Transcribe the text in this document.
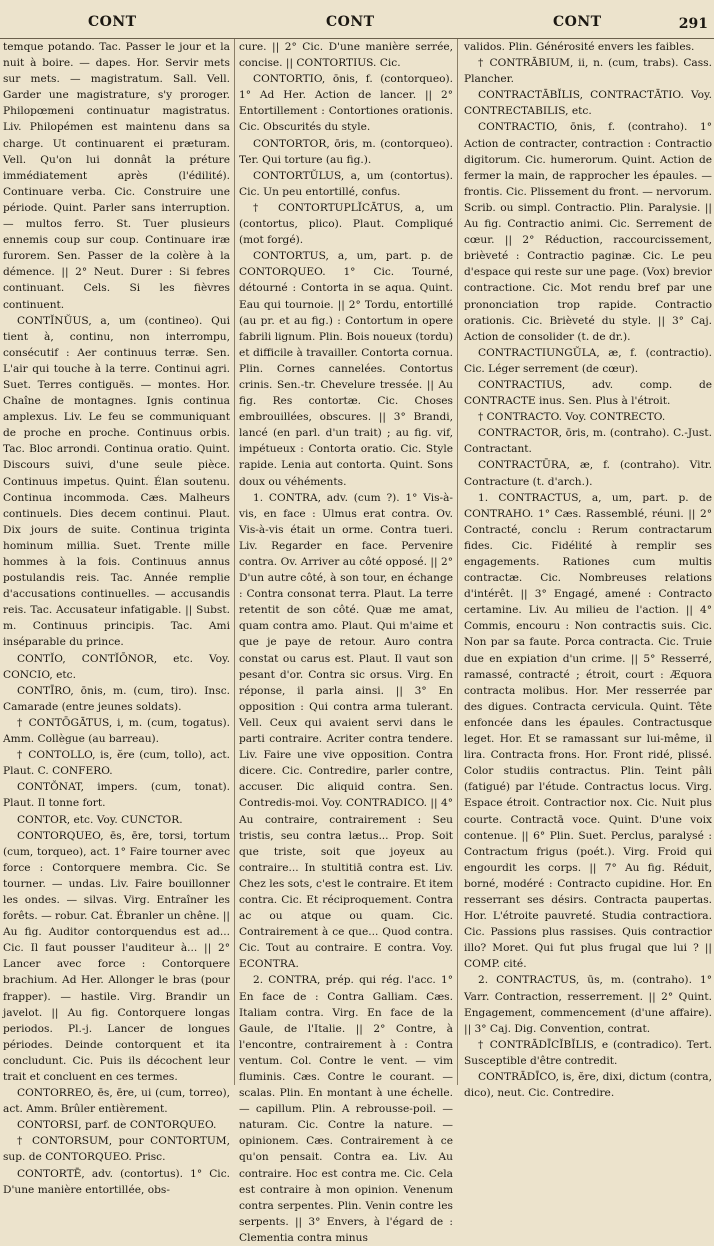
CONT	CONT	CONT	291

temque potando. Tac. Passer le jour et la nuit à boire. — dapes. Hor. Servir mets sur mets. — magistratum. Sall. Vell. Garder une magistrature, s'y proroger. Philopœmeni continuatur magistratus. Liv. Philopémen est maintenu dans sa charge. Ut continuarent ei præturam. Vell. Qu'on lui donnât la préture immédiatement après (l'édilité). Continuare verba. Cic. Construire une période. Quint. Parler sans interruption. — multos ferro. St. Tuer plusieurs ennemis coup sur coup. Continuare iræ furorem. Sen. Passer de la colère à la démence. || 2° Neut. Durer : Si febres continuant. Cels. Si les fièvres continuent.

CONTĬNŬUS, a, um (contineo). Qui tient à, continu, non interrompu, consécutif : Aer continuus terræ. Sen. L'air qui touche à la terre. Continui agri. Suet. Terres contiguës. — montes. Hor. Chaîne de montagnes. Ignis continua amplexus. Liv. Le feu se communiquant de proche en proche. Continuus orbis. Tac. Bloc arrondi. Continua oratio. Quint. Discours suivi, d'une seule pièce. Continuus impetus. Quint. Élan soutenu. Continua incommoda. Cæs. Malheurs continuels. Dies decem continui. Plaut. Dix jours de suite. Continua triginta hominum millia. Suet. Trente mille hommes à la fois. Continuus annus postulandis reis. Tac. Année remplie d'accusations continuelles. — accusandis reis. Tac. Accusateur infatigable. || Subst. m. Continuus principis. Tac. Ami inséparable du prince.

CONTĬO, CONTĬŌNOR, etc. Voy. CONCIO, etc.

CONTĪRO, ōnis, m. (cum, tiro). Insc. Camarade (entre jeunes soldats).

† CONTŌGĀTUS, i, m. (cum, togatus). Amm. Collègue (au barreau).

† CONTOLLO, is, ĕre (cum, tollo), act. Plaut. C. CONFERO.

CONTŎNAT, impers. (cum, tonat). Plaut. Il tonne fort.

CONTOR, etc. Voy. CUNCTOR.

CONTORQUEO, ēs, ēre, torsi, tortum (cum, torqueo), act. 1° Faire tourner avec force : Contorquere membra. Cic. Se tourner. — undas. Liv. Faire bouillonner les ondes. — silvas. Virg. Entraîner les forêts. — robur. Cat. Ébranler un chêne. || Au fig. Auditor contorquendus est ad... Cic. Il faut pousser l'auditeur à... || 2° Lancer avec force : Contorquere brachium. Ad Her. Allonger le bras (pour frapper). — hastile. Virg. Brandir un javelot. || Au fig. Contorquere longas periodos. Pl.-j. Lancer de longues périodes. Deinde contorquent et ita concludunt. Cic. Puis ils décochent leur trait et concluent en ces termes.

CONTORREO, ēs, ēre, ui (cum, torreo), act. Amm. Brûler entièrement.

CONTORSI, parf. de CONTORQUEO.

† CONTORSUM, pour CONTORTUM, sup. de CONTORQUEO. Prisc.

CONTORTĒ, adv. (contortus). 1° Cic. D'une manière entortillée, obs-

cure. || 2° Cic. D'une manière serrée, concise. || CONTORTIUS. Cic.

CONTORTIO, ōnis, f. (contorqueo). 1° Ad Her. Action de lancer. || 2° Entortillement : Contortiones orationis. Cic. Obscurités du style.

CONTORTOR, ōris, m. (contorqueo). Ter. Qui torture (au fig.).

CONTORTŬLUS, a, um (contortus). Cic. Un peu entortillé, confus.

† CONTORTUPLĬCĀTUS, a, um (contortus, plico). Plaut. Compliqué (mot forgé).

CONTORTUS, a, um, part. p. de CONTORQUEO. 1° Cic. Tourné, détourné : Contorta in se aqua. Quint. Eau qui tournoie. || 2° Tordu, entortillé (au pr. et au fig.) : Contortum in opere fabrili lignum. Plin. Bois noueux (tordu) et difficile à travailler. Contorta cornua. Plin. Cornes cannelées. Contortus crinis. Sen.-tr. Chevelure tressée. || Au fig. Res contortæ. Cic. Choses embrouillées, obscures. || 3° Brandi, lancé (en parl. d'un trait) ; au fig. vif, impétueux : Contorta oratio. Cic. Style rapide. Lenia aut contorta. Quint. Sons doux ou véhéments.

1. CONTRA, adv. (cum ?). 1° Vis-à-vis, en face : Ulmus erat contra. Ov. Vis-à-vis était un orme. Contra tueri. Liv. Regarder en face. Pervenire contra. Ov. Arriver au côté opposé. || 2° D'un autre côté, à son tour, en échange : Contra consonat terra. Plaut. La terre retentit de son côté. Quæ me amat, quam contra amo. Plaut. Qui m'aime et que je paye de retour. Auro contra constat ou carus est. Plaut. Il vaut son pesant d'or. Contra sic orsus. Virg. En réponse, il parla ainsi. || 3° En opposition : Qui contra arma tulerant. Vell. Ceux qui avaient servi dans le parti contraire. Acriter contra tendere. Liv. Faire une vive opposition. Contra dicere. Cic. Contredire, parler contre, accuser. Dic aliquid contra. Sen. Contredis-moi. Voy. CONTRADICO. || 4° Au contraire, contrairement : Seu tristis, seu contra lætus... Prop. Soit que triste, soit que joyeux au contraire... In stultitiā contra est. Liv. Chez les sots, c'est le contraire. Et item contra. Cic. Et réciproquement. Contra ac ou atque ou quam. Cic. Contrairement à ce que... Quod contra. Cic. Tout au contraire. E contra. Voy. ECONTRA.

2. CONTRA, prép. qui rég. l'acc. 1° En face de : Contra Galliam. Cæs. Italiam contra. Virg. En face de la Gaule, de l'Italie. || 2° Contre, à l'encontre, contrairement à : Contra ventum. Col. Contre le vent. — vim fluminis. Cæs. Contre le courant. — scalas. Plin. En montant à une échelle. — capillum. Plin. A rebrousse-poil. — naturam. Cic. Contre la nature. — opinionem. Cæs. Contrairement à ce qu'on pensait. Contra ea. Liv. Au contraire. Hoc est contra me. Cic. Cela est contraire à mon opinion. Venenum contra serpentes. Plin. Venin contre les serpents. || 3° Envers, à l'égard de : Clementia contra minus

validos. Plin. Générosité envers les faibles.

† CONTRĀBIUM, ii, n. (cum, trabs). Cass. Plancher.

CONTRACTĀBĬLIS, CONTRACTĀTIO. Voy. CONTRECTABILIS, etc.

CONTRACTIO, ōnis, f. (contraho). 1° Action de contracter, contraction : Contractio digitorum. Cic. humerorum. Quint. Action de fermer la main, de rapprocher les épaules. — frontis. Cic. Plissement du front. — nervorum. Scrib. ou simpl. Contractio. Plin. Paralysie. || Au fig. Contractio animi. Cic. Serrement de cœur. || 2° Réduction, raccourcissement, brièveté : Contractio paginæ. Cic. Le peu d'espace qui reste sur une page. (Vox) brevior contractione. Cic. Mot rendu bref par une prononciation trop rapide. Contractio orationis. Cic. Brièveté du style. || 3° Caj. Action de consolider (t. de dr.).

CONTRACTIUNGŬLA, æ, f. (contractio). Cic. Léger serrement (de cœur).

CONTRACTIUS, adv. comp. de CONTRACTE inus. Sen. Plus à l'étroit.

† CONTRACTO. Voy. CONTRECTO.

CONTRACTOR, ōris, m. (contraho). C.-Just. Contractant.

CONTRACTŪRA, æ, f. (contraho). Vitr. Contracture (t. d'arch.).

1. CONTRACTUS, a, um, part. p. de CONTRAHO. 1° Cæs. Rassemblé, réuni. || 2° Contracté, conclu : Rerum contractarum fides. Cic. Fidélité à remplir ses engagements. Rationes cum multis contractæ. Cic. Nombreuses relations d'intérêt. || 3° Engagé, amené : Contracto certamine. Liv. Au milieu de l'action. || 4° Commis, encouru : Non contractis suis. Cic. Non par sa faute. Porca contracta. Cic. Truie due en expiation d'un crime. || 5° Resserré, ramassé, contracté ; étroit, court : Æquora contracta molibus. Hor. Mer resserrée par des digues. Contracta cervicula. Quint. Tête enfoncée dans les épaules. Contractusque leget. Hor. Et se ramassant sur lui-même, il lira. Contracta frons. Hor. Front ridé, plissé. Color studiis contractus. Plin. Teint pâli (fatigué) par l'étude. Contractus locus. Virg. Espace étroit. Contractior nox. Cic. Nuit plus courte. Contractā voce. Quint. D'une voix contenue. || 6° Plin. Suet. Perclus, paralysé : Contractum frigus (poét.). Virg. Froid qui engourdit les corps. || 7° Au fig. Réduit, borné, modéré : Contracto cupidine. Hor. En resserrant ses désirs. Contracta paupertas. Hor. L'étroite pauvreté. Studia contractiora. Cic. Passions plus rassises. Quis contractior illo? Moret. Qui fut plus frugal que lui ? || COMP. cité.

2. CONTRACTUS, ūs, m. (contraho). 1° Varr. Contraction, resserrement. || 2° Quint. Engagement, commencement (d'une affaire). || 3° Caj. Dig. Convention, contrat.

† CONTRĀDĪCĬBĬLIS, e (contradico). Tert. Susceptible d'être contredit.

CONTRĀDĪCO, is, ĕre, dixi, dictum (contra, dico), neut. Cic. Contredire.
